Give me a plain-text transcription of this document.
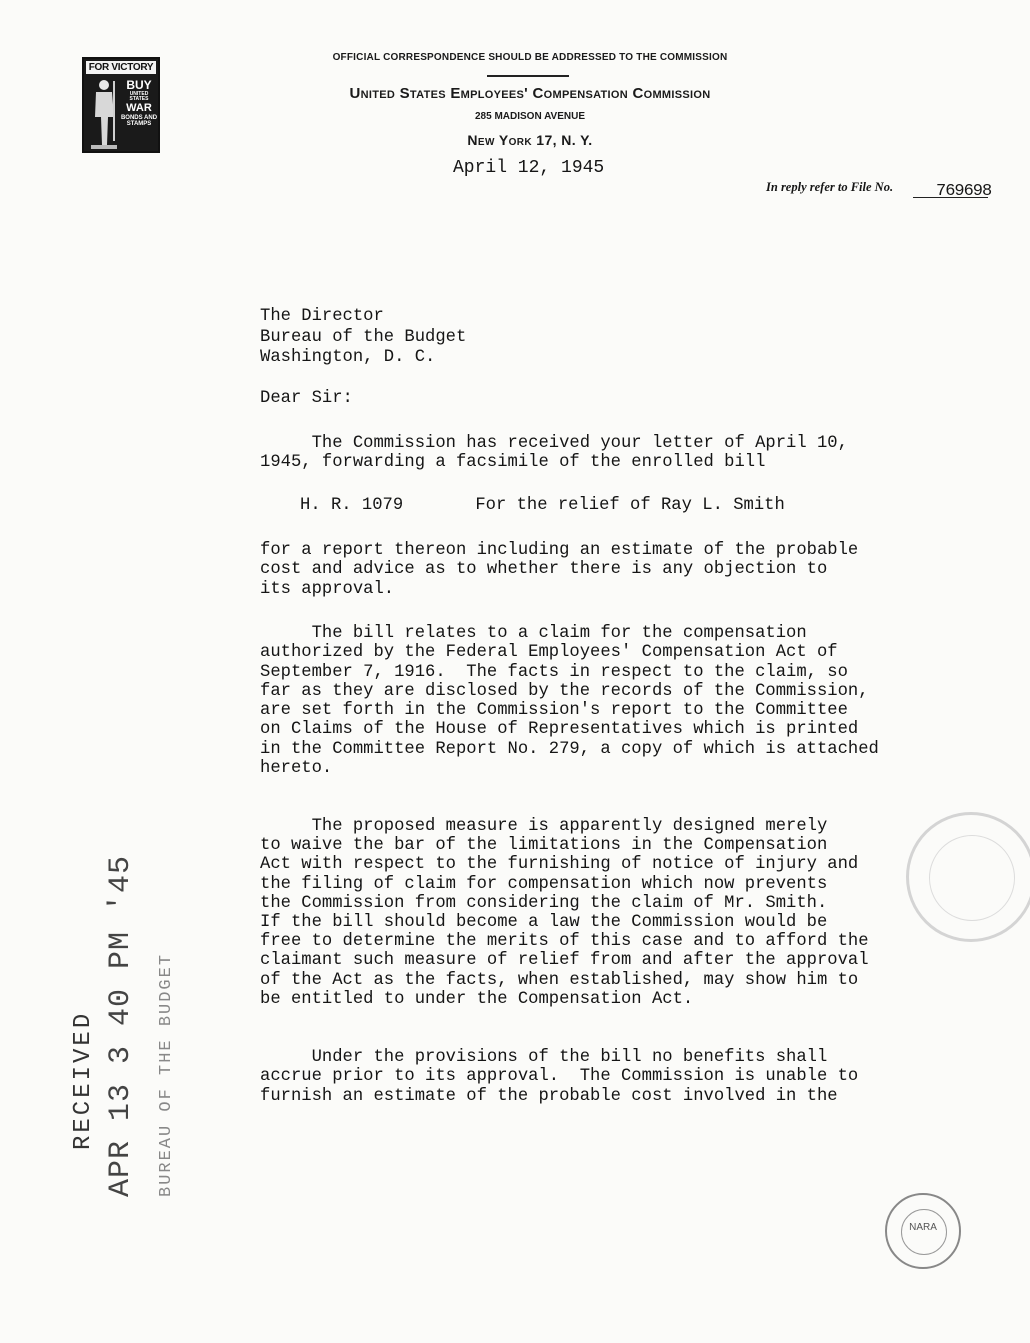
FOR VICTORY
BUY
UNITED STATES
WAR
BONDS AND STAMPS
OFFICIAL CORRESPONDENCE SHOULD BE ADDRESSED TO THE COMMISSION
United States Employees' Compensation Commission
285 MADISON AVENUE
New York 17, N. Y.
April 12, 1945
In reply refer to File No.	769698
The Director
Bureau of the Budget
Washington, D. C.
Dear Sir:
The Commission has received your letter of April 10,
1945, forwarding a facsimile of the enrolled bill
H. R. 1079       For the relief of Ray L. Smith
for a report thereon including an estimate of the probable
cost and advice as to whether there is any objection to
its approval.
The bill relates to a claim for the compensation
authorized by the Federal Employees' Compensation Act of
September 7, 1916.  The facts in respect to the claim, so
far as they are disclosed by the records of the Commission,
are set forth in the Commission's report to the Committee
on Claims of the House of Representatives which is printed
in the Committee Report No. 279, a copy of which is attached
hereto.
The proposed measure is apparently designed merely
to waive the bar of the limitations in the Compensation
Act with respect to the furnishing of notice of injury and
the filing of claim for compensation which now prevents
the Commission from considering the claim of Mr. Smith.
If the bill should become a law the Commission would be
free to determine the merits of this case and to afford the
claimant such measure of relief from and after the approval
of the Act as the facts, when established, may show him to
be entitled to under the Compensation Act.
Under the provisions of the bill no benefits shall
accrue prior to its approval.  The Commission is unable to
furnish an estimate of the probable cost involved in the
RECEIVED APR 13 3 40 PM '45 BUREAU OF THE BUDGET
NARA
